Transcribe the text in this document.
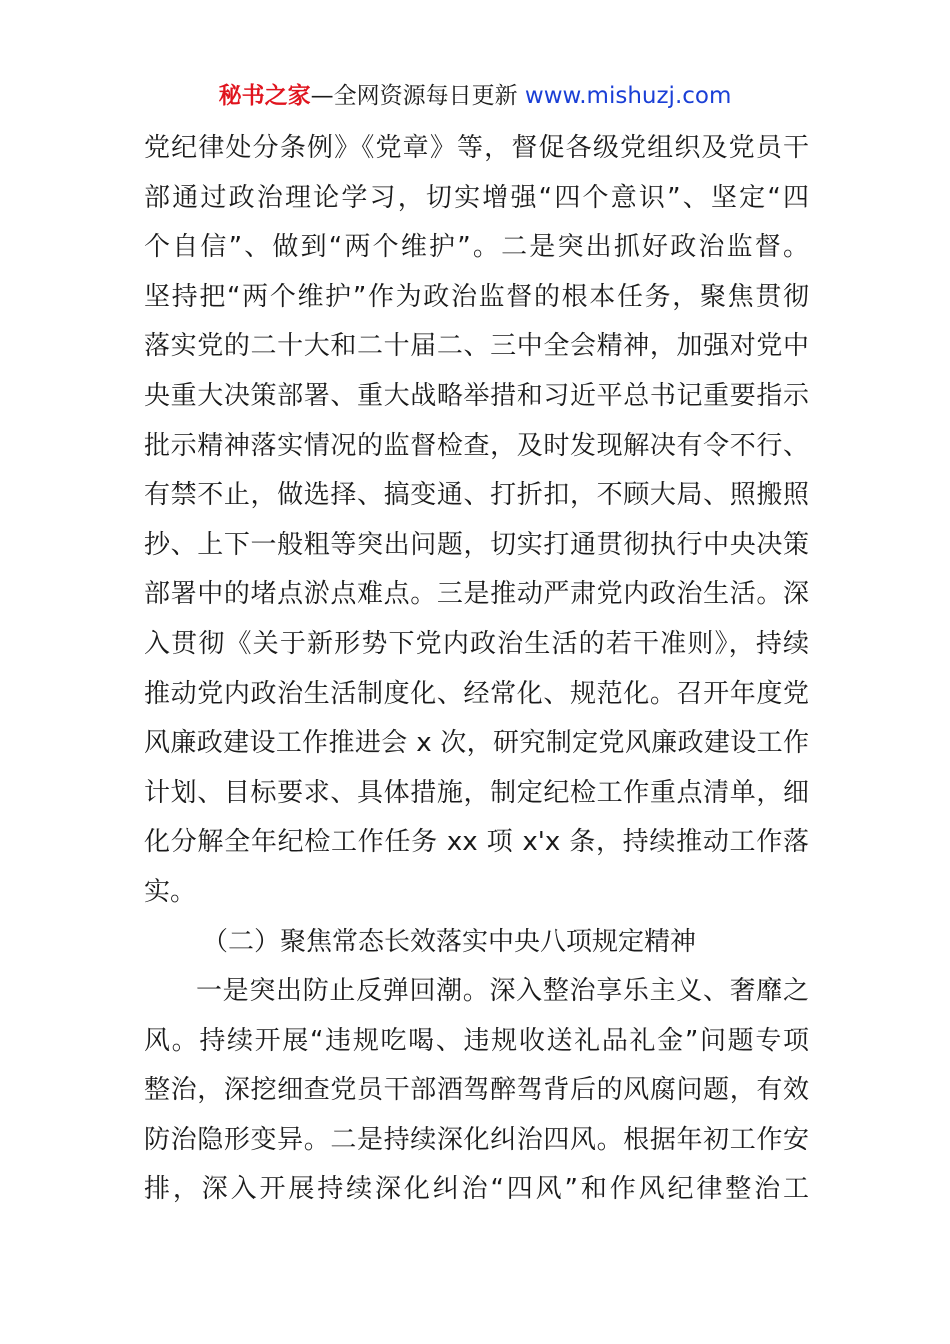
秘书之家—全网资源每日更新 www.mishuzj.com
党纪律处分条例》《党章》等，督促各级党组织及党员干
部通过政治理论学习，切实增强“四个意识”、坚定“四
个自信”、做到“两个维护”。二是突出抓好政治监督。
坚持把“两个维护”作为政治监督的根本任务，聚焦贯彻
落实党的二十大和二十届二、三中全会精神，加强对党中
央重大决策部署、重大战略举措和习近平总书记重要指示
批示精神落实情况的监督检查，及时发现解决有令不行、
有禁不止，做选择、搞变通、打折扣，不顾大局、照搬照
抄、上下一般粗等突出问题，切实打通贯彻执行中央决策
部署中的堵点淤点难点。三是推动严肃党内政治生活。深
入贯彻《关于新形势下党内政治生活的若干准则》，持续
推动党内政治生活制度化、经常化、规范化。召开年度党
风廉政建设工作推进会 x 次，研究制定党风廉政建设工作
计划、目标要求、具体措施，制定纪检工作重点清单，细
化分解全年纪检工作任务 xx 项 x'x 条，持续推动工作落
实。
（二）聚焦常态长效落实中央八项规定精神
一是突出防止反弹回潮。深入整治享乐主义、奢靡之
风。持续开展“违规吃喝、违规收送礼品礼金”问题专项
整治，深挖细查党员干部酒驾醉驾背后的风腐问题，有效
防治隐形变异。二是持续深化纠治四风。根据年初工作安
排，深入开展持续深化纠治“四风”和作风纪律整治工
